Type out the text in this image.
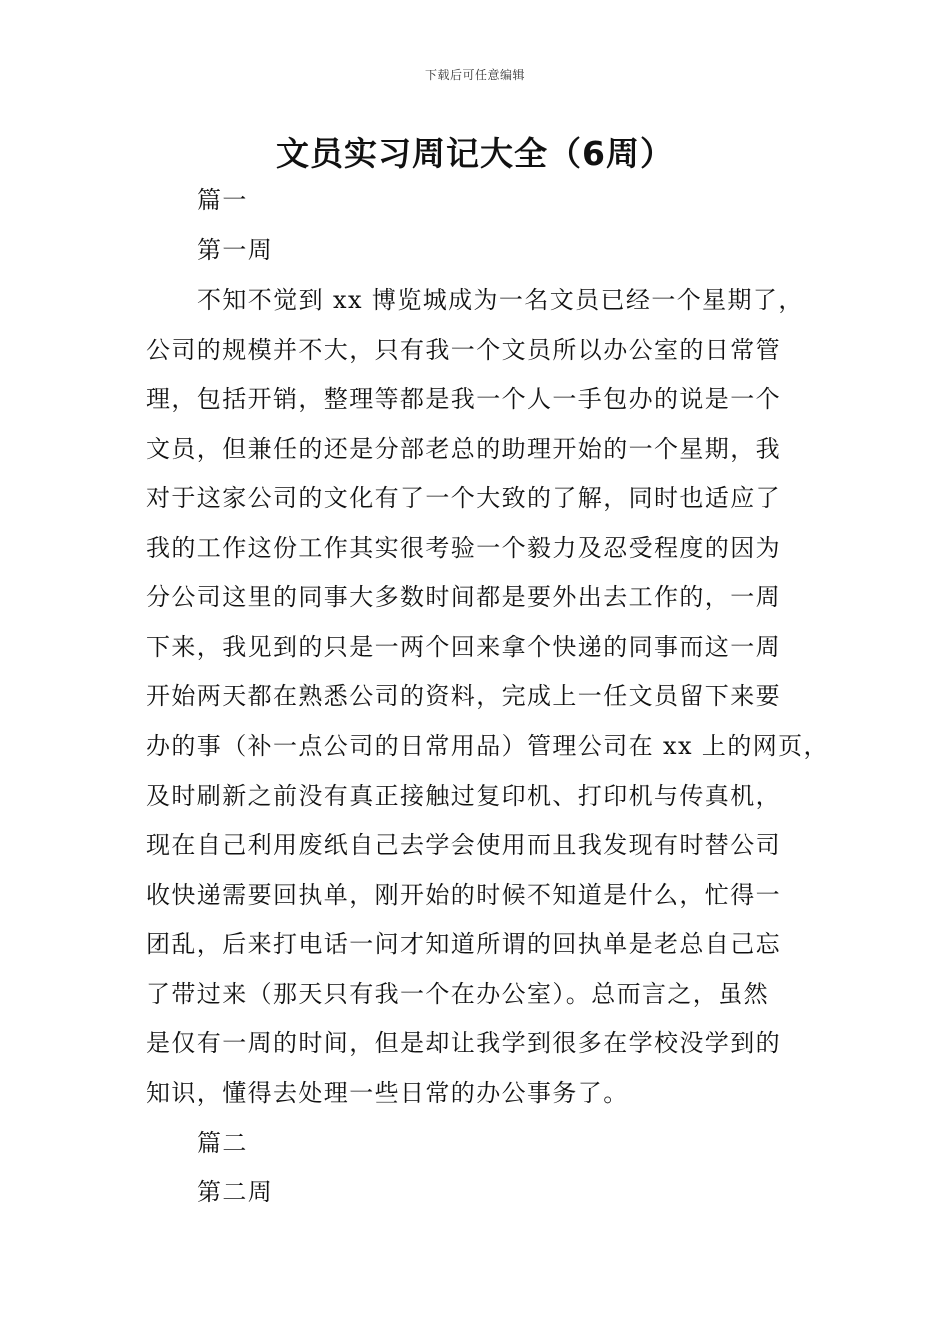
下载后可任意编辑
文员实习周记大全（6周）

篇一

第一周

不知不觉到 xx 博览城成为一名文员已经一个星期了，

公司的规模并不大，只有我一个文员所以办公室的日常管

理，包括开销，整理等都是我一个人一手包办的说是一个

文员，但兼任的还是分部老总的助理开始的一个星期，我

对于这家公司的文化有了一个大致的了解，同时也适应了

我的工作这份工作其实很考验一个毅力及忍受程度的因为

分公司这里的同事大多数时间都是要外出去工作的，一周

下来，我见到的只是一两个回来拿个快递的同事而这一周

开始两天都在熟悉公司的资料，完成上一任文员留下来要

办的事（补一点公司的日常用品）管理公司在 xx 上的网页，

及时刷新之前没有真正接触过复印机、打印机与传真机，

现在自己利用废纸自己去学会使用而且我发现有时替公司

收快递需要回执单，刚开始的时候不知道是什么，忙得一

团乱，后来打电话一问才知道所谓的回执单是老总自己忘

了带过来（那天只有我一个在办公室）。总而言之，虽然

是仅有一周的时间，但是却让我学到很多在学校没学到的

知识，懂得去处理一些日常的办公事务了。

篇二

第二周
